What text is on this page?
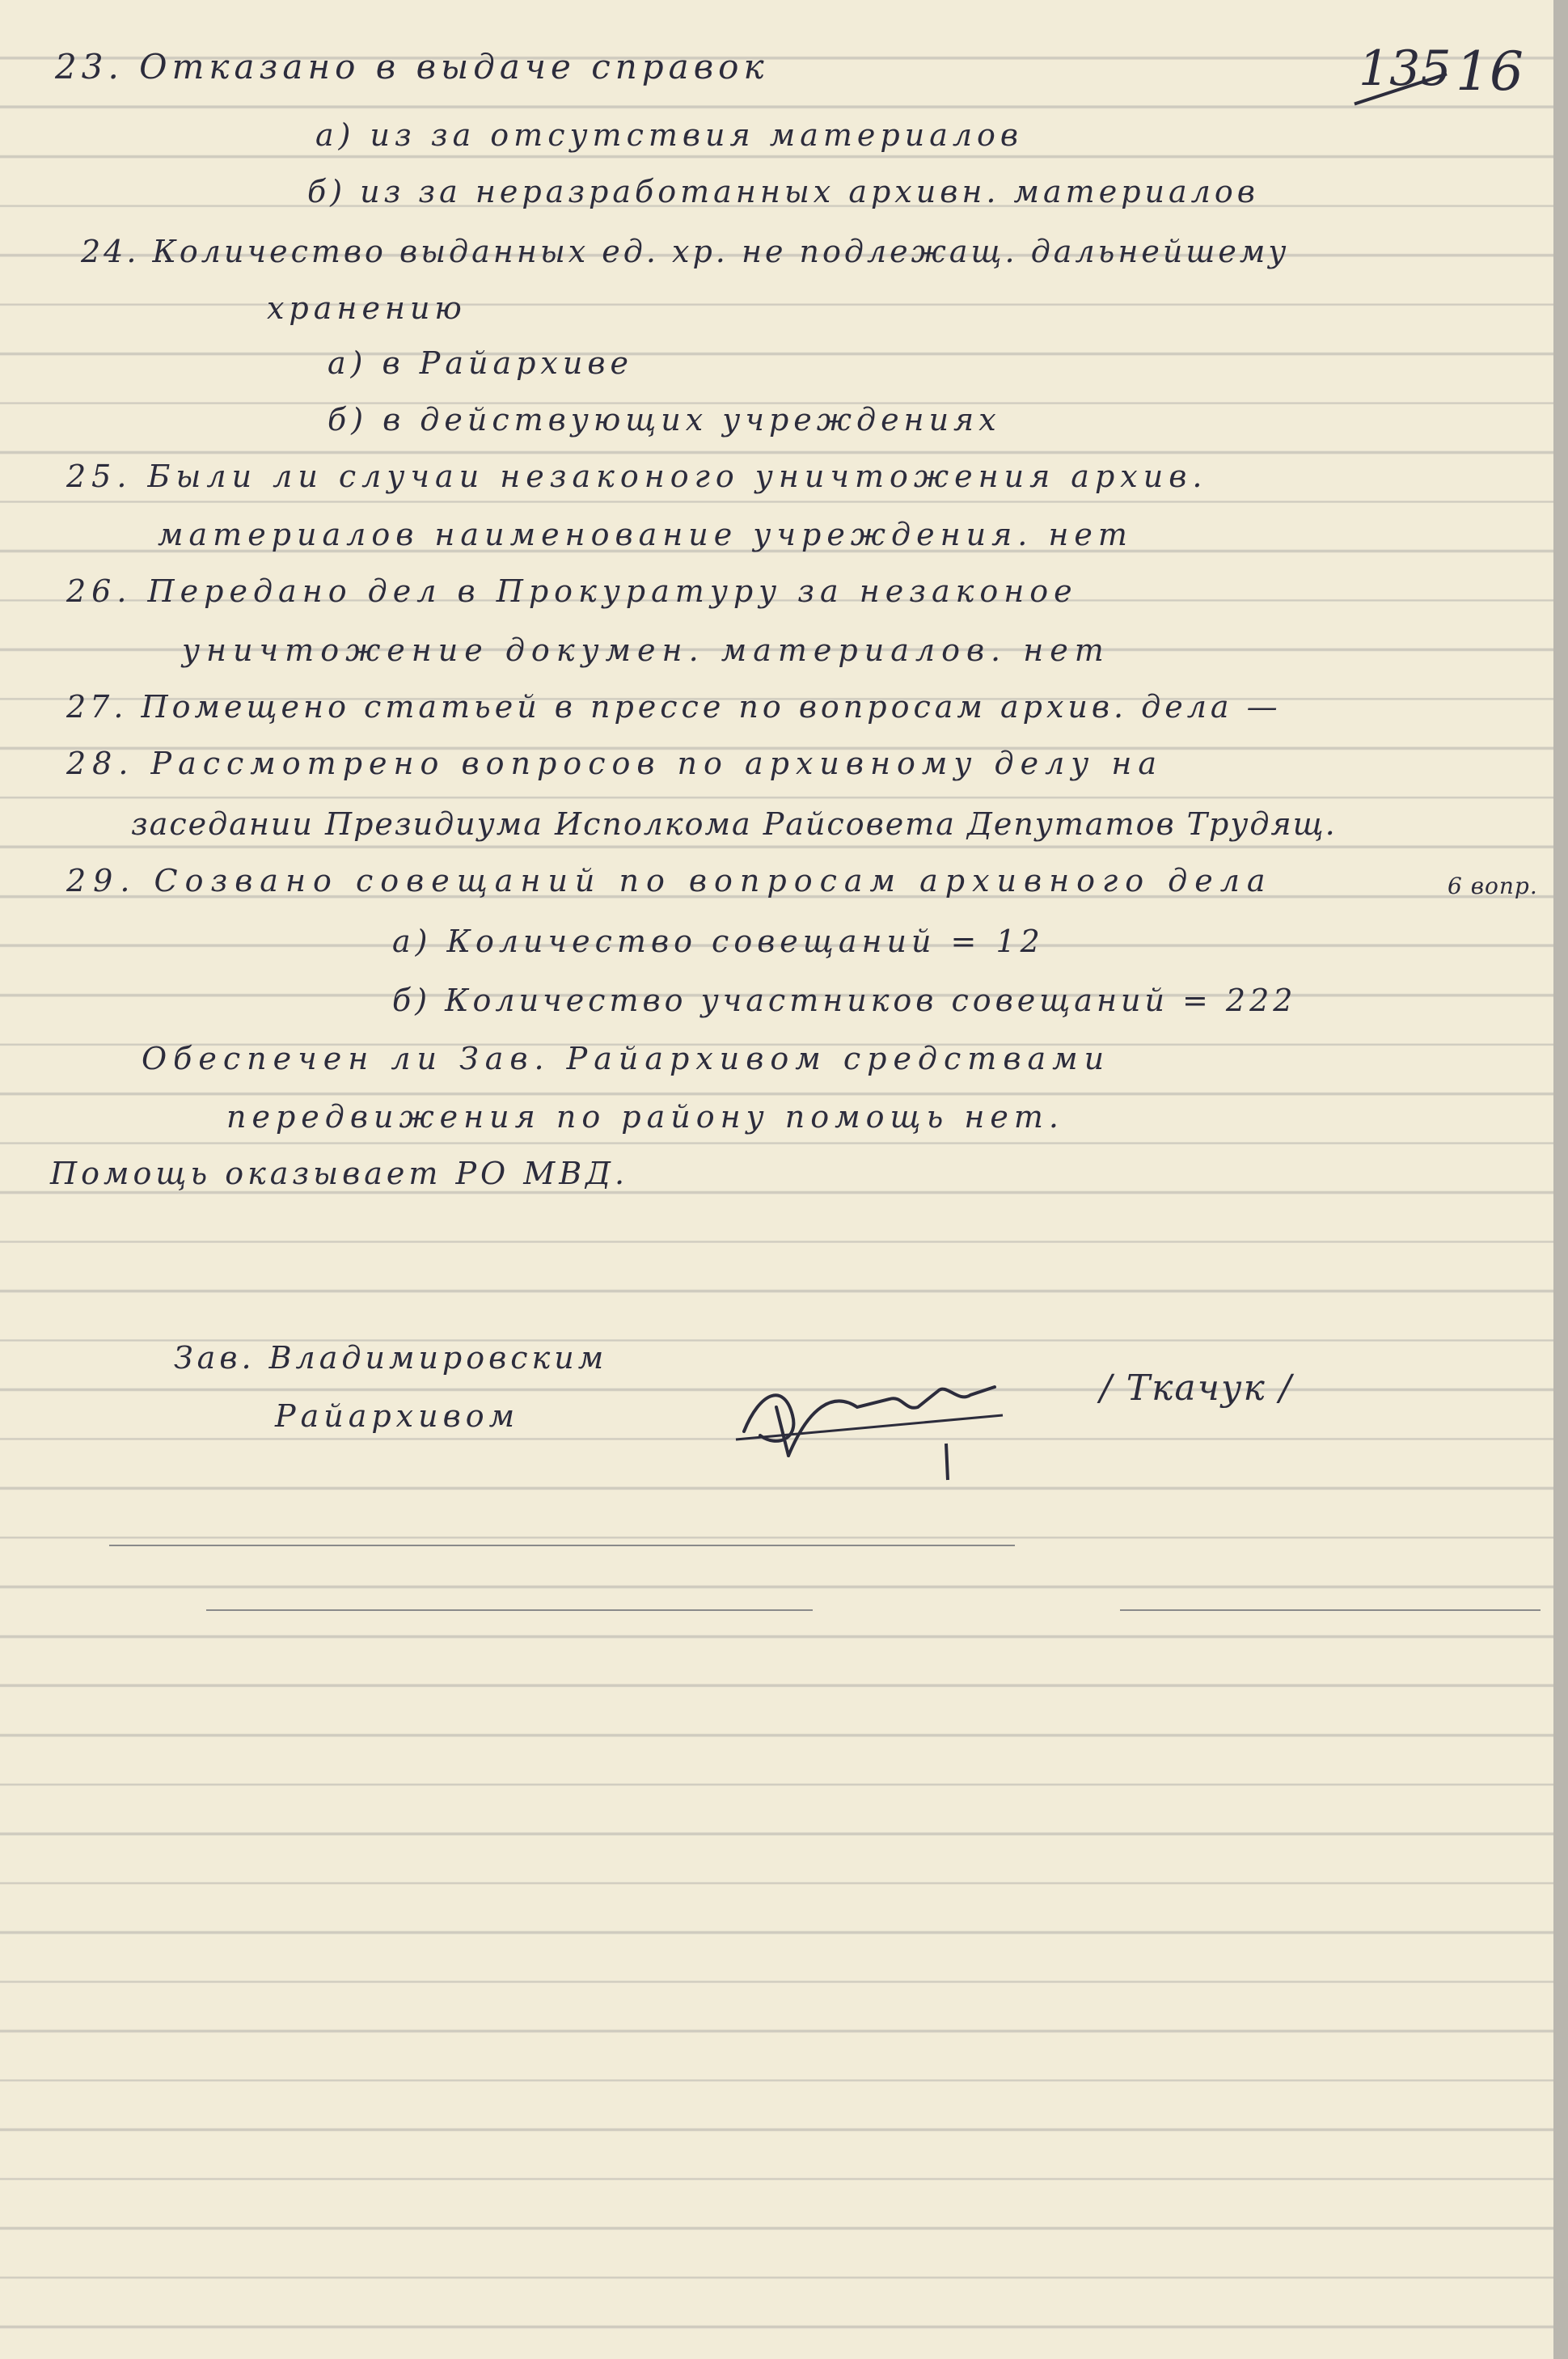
135 16
23. Отказано в выдаче справок
а) из за отсутствия материалов
б) из за неразработанных архивн. материалов
24. Количество выданных ед. хр. не подлежащ. дальнейшему
хранению
а) в Райархиве
б) в действующих учреждениях
25. Были ли случаи незаконого уничтожения архив.
материалов наименование учреждения. нет
26. Передано дел в Прокуратуру за незаконое
уничтожение докумен. материалов. нет
27. Помещено статьей в прессе по вопросам архив. дела —
28. Рассмотрено вопросов по архивному делу на
заседании Президиума Исполкома Райсовета Депутатов Трудящ.
29. Созвано совещаний по вопросам архивного дела	6 вопр.
а) Количество совещаний = 12
б) Количество участников совещаний = 222
Обеспечен ли Зав. Райархивом средствами
передвижения по району помощь нет.
Помощь оказывает РО МВД.
Зав. Владимировским
Райархивом
/ Ткачук /
